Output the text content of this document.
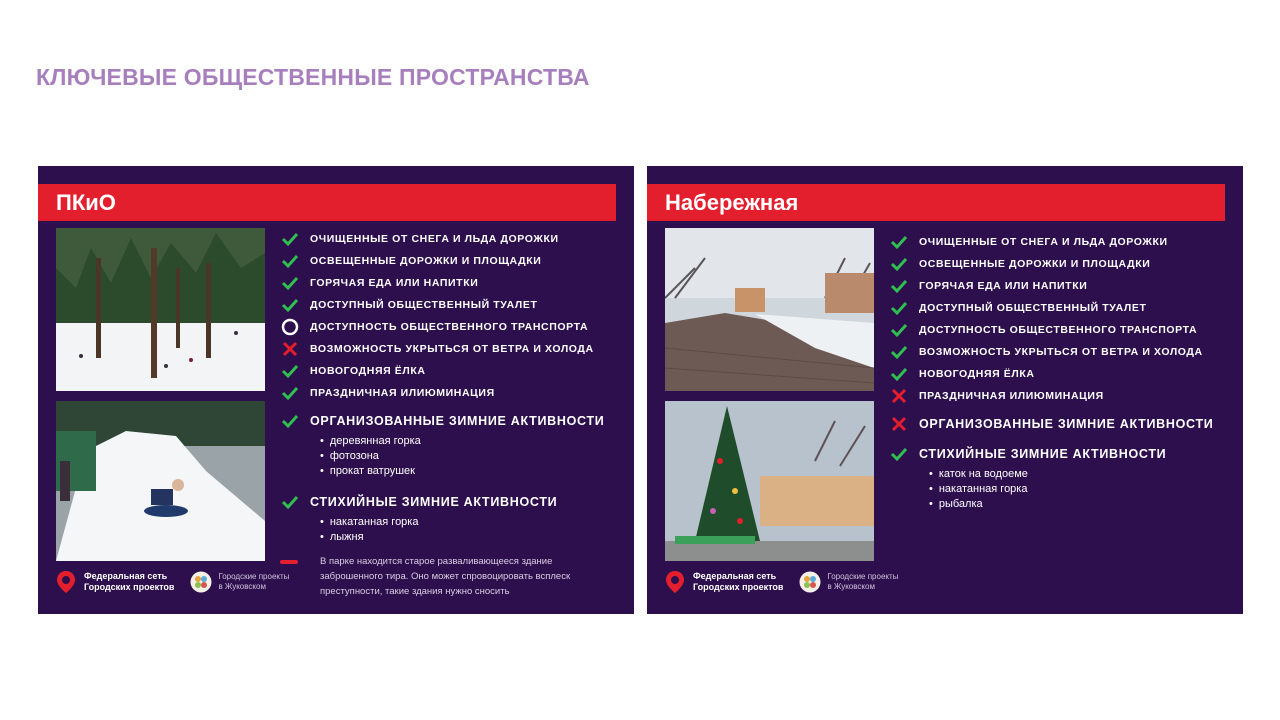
КЛЮЧЕВЫЕ ОБЩЕСТВЕННЫЕ ПРОСТРАНСТВА
ПКиО
ОЧИЩЕННЫЕ ОТ СНЕГА И ЛЬДА ДОРОЖКИ
ОСВЕЩЕННЫЕ ДОРОЖКИ И ПЛОЩАДКИ
ГОРЯЧАЯ ЕДА ИЛИ НАПИТКИ
ДОСТУПНЫЙ ОБЩЕСТВЕННЫЙ ТУАЛЕТ
ДОСТУПНОСТЬ ОБЩЕСТВЕННОГО ТРАНСПОРТА
ВОЗМОЖНОСТЬ УКРЫТЬСЯ ОТ ВЕТРА И ХОЛОДА
НОВОГОДНЯЯ ЁЛКА
ПРАЗДНИЧНАЯ ИЛИЮМИНАЦИЯ
ОРГАНИЗОВАННЫЕ ЗИМНИЕ АКТИВНОСТИ
• деревянная горка
• фотозона
• прокат ватрушек
СТИХИЙНЫЕ ЗИМНИЕ АКТИВНОСТИ
• накатанная горка
• лыжня
В парке находится старое разваливающееся здание заброшенного тира. Оно может спровоцировать всплеск преступности, такие здания нужно сносить
Федеральная сеть
Городских проектов
Городские проекты
в Жуковском
Набережная
ОЧИЩЕННЫЕ ОТ СНЕГА И ЛЬДА ДОРОЖКИ
ОСВЕЩЕННЫЕ ДОРОЖКИ И ПЛОЩАДКИ
ГОРЯЧАЯ ЕДА ИЛИ НАПИТКИ
ДОСТУПНЫЙ ОБЩЕСТВЕННЫЙ ТУАЛЕТ
ДОСТУПНОСТЬ ОБЩЕСТВЕННОГО ТРАНСПОРТА
ВОЗМОЖНОСТЬ УКРЫТЬСЯ ОТ ВЕТРА И ХОЛОДА
НОВОГОДНЯЯ ЁЛКА
ПРАЗДНИЧНАЯ ИЛИЮМИНАЦИЯ
ОРГАНИЗОВАННЫЕ ЗИМНИЕ АКТИВНОСТИ
СТИХИЙНЫЕ ЗИМНИЕ АКТИВНОСТИ
• каток на водоеме
• накатанная горка
• рыбалка
Федеральная сеть
Городских проектов
Городские проекты
в Жуковском
